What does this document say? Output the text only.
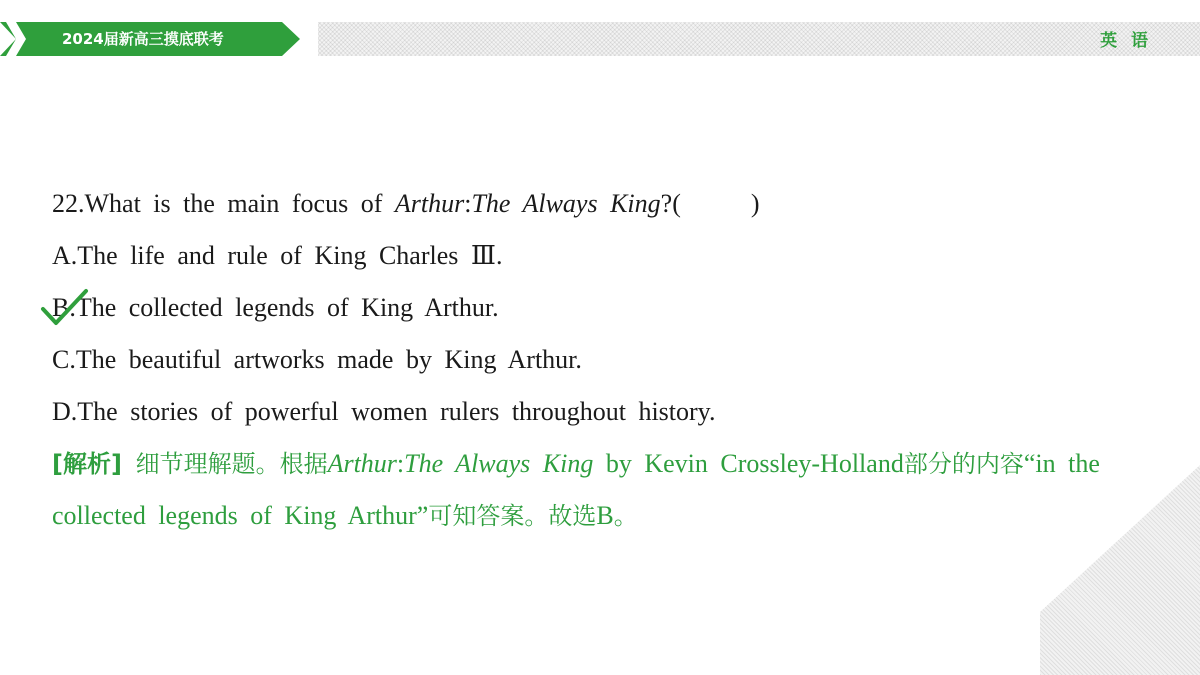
2024届新高三摸底联考	英 语
22.What is the main focus of Arthur:The Always King?(	)
A.The life and rule of King Charles Ⅲ.
B.The collected legends of King Arthur.
C.The beautiful artworks made by King Arthur.
D.The stories of powerful women rulers throughout history.
[解析] 细节理解题。根据Arthur:The Always King by Kevin Crossley-Holland部分的内容“in the collected legends of King Arthur”可知答案。故选B。
